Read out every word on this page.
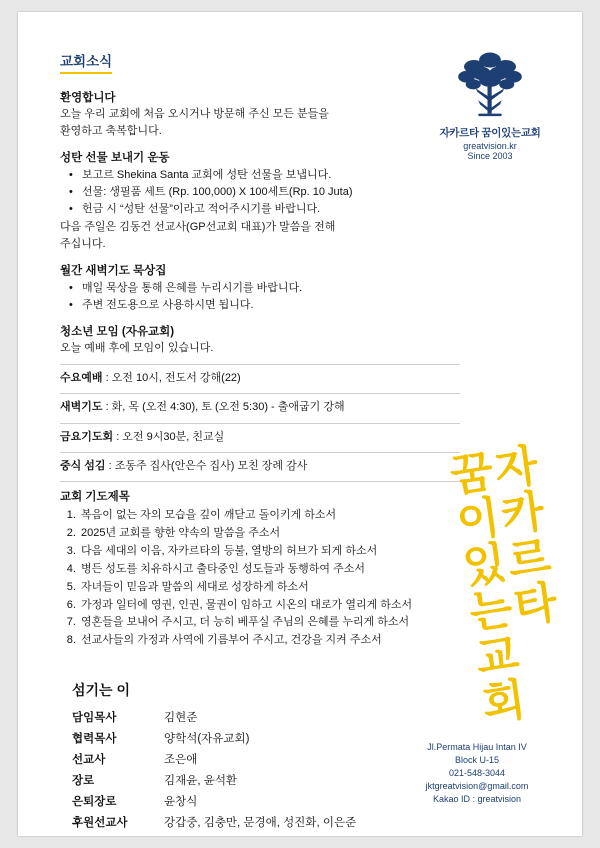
자카르타
꿈이있는교회
자카르타 꿈이있는교회
greatvision.kr
Since 2003
교회소식
환영합니다

오늘 우리 교회에 처음 오시거나 방문해 주신 모든 분들을

환영하고 축복합니다.

성탄 선물 보내기 운동
• 보고르 Shekina Santa 교회에 성탄 선물을 보냅니다.
• 선물: 생필품 세트 (Rp. 100,000) X 100세트(Rp. 10 Juta)
• 헌금 시 “성탄 선물”이라고 적어주시기를 바랍니다.

다음 주일은 김동건 선교사(GP선교회 대표)가 말씀을 전해

주십니다.

월간 새벽기도 묵상집
• 매일 묵상을 통해 은혜를 누리시기를 바랍니다.
• 주변 전도용으로 사용하시면 됩니다.
청소년 모임 (자유교회)

오늘 예배 후에 모임이 있습니다.

수요예배 : 오전 10시, 전도서 강해(22)
새벽기도 : 화, 목 (오전 4:30), 토 (오전 5:30) - 출애굽기 강해
금요기도회 : 오전 9시30분, 친교실
중식 섬김 : 조동주 집사(안은수 집사) 모친 장례 감사
교회 기도제목
1. 복음이 없는 자의 모습을 깊이 깨닫고 돌이키게 하소서
2. 2025년 교회를 향한 약속의 말씀을 주소서
3. 다음 세대의 이음, 자카르타의 등불, 열방의 허브가 되게 하소서
4. 병든 성도를 치유하시고 출타중인 성도들과 동행하여 주소서
5. 자녀들이 믿음과 말씀의 세대로 성장하게 하소서
6. 가정과 일터에 영권, 인권, 물권이 임하고 시온의 대로가 열리게 하소서
7. 영혼들을 보내어 주시고, 더 능히 베푸실 주님의 은혜를 누리게 하소서
8. 선교사들의 가정과 사역에 기름부어 주시고, 건강을 지켜 주소서
섬기는 이
담임목사	김현준
협력목사	양학석(자유교회)
선교사	조은애
장로	김재윤, 윤석환
은퇴장로	윤창식
후원선교사	강갑중, 김충만, 문경애, 성진화, 이은준
Jl.Permata Hijau Intan IV
Block U-15
021-548-3044
jktgreatvision@gmail.com
Kakao ID : greatvision
